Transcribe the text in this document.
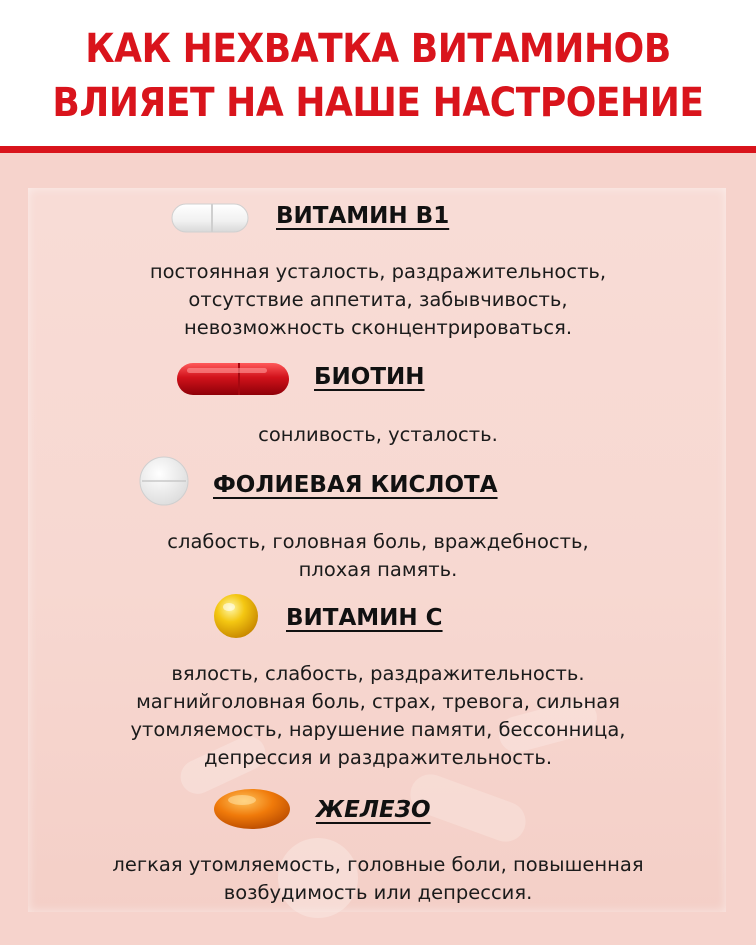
КАК НЕХВАТКА ВИТАМИНОВ
ВЛИЯЕТ НА НАШЕ НАСТРОЕНИЕ
ВИТАМИН В1
постоянная усталость, раздражительность,
отсутствие аппетита, забывчивость,
невозможность сконцентрироваться.
БИОТИН
сонливость, усталость.
ФОЛИЕВАЯ КИСЛОТА
слабость, головная боль, враждебность,
плохая память.
ВИТАМИН С
вялость, слабость, раздражительность.
магнийголовная боль, страх, тревога, сильная
утомляемость, нарушение памяти, бессонница,
депрессия и раздражительность.
ЖЕЛЕЗО
легкая утомляемость, головные боли, повышенная
возбудимость или депрессия.
